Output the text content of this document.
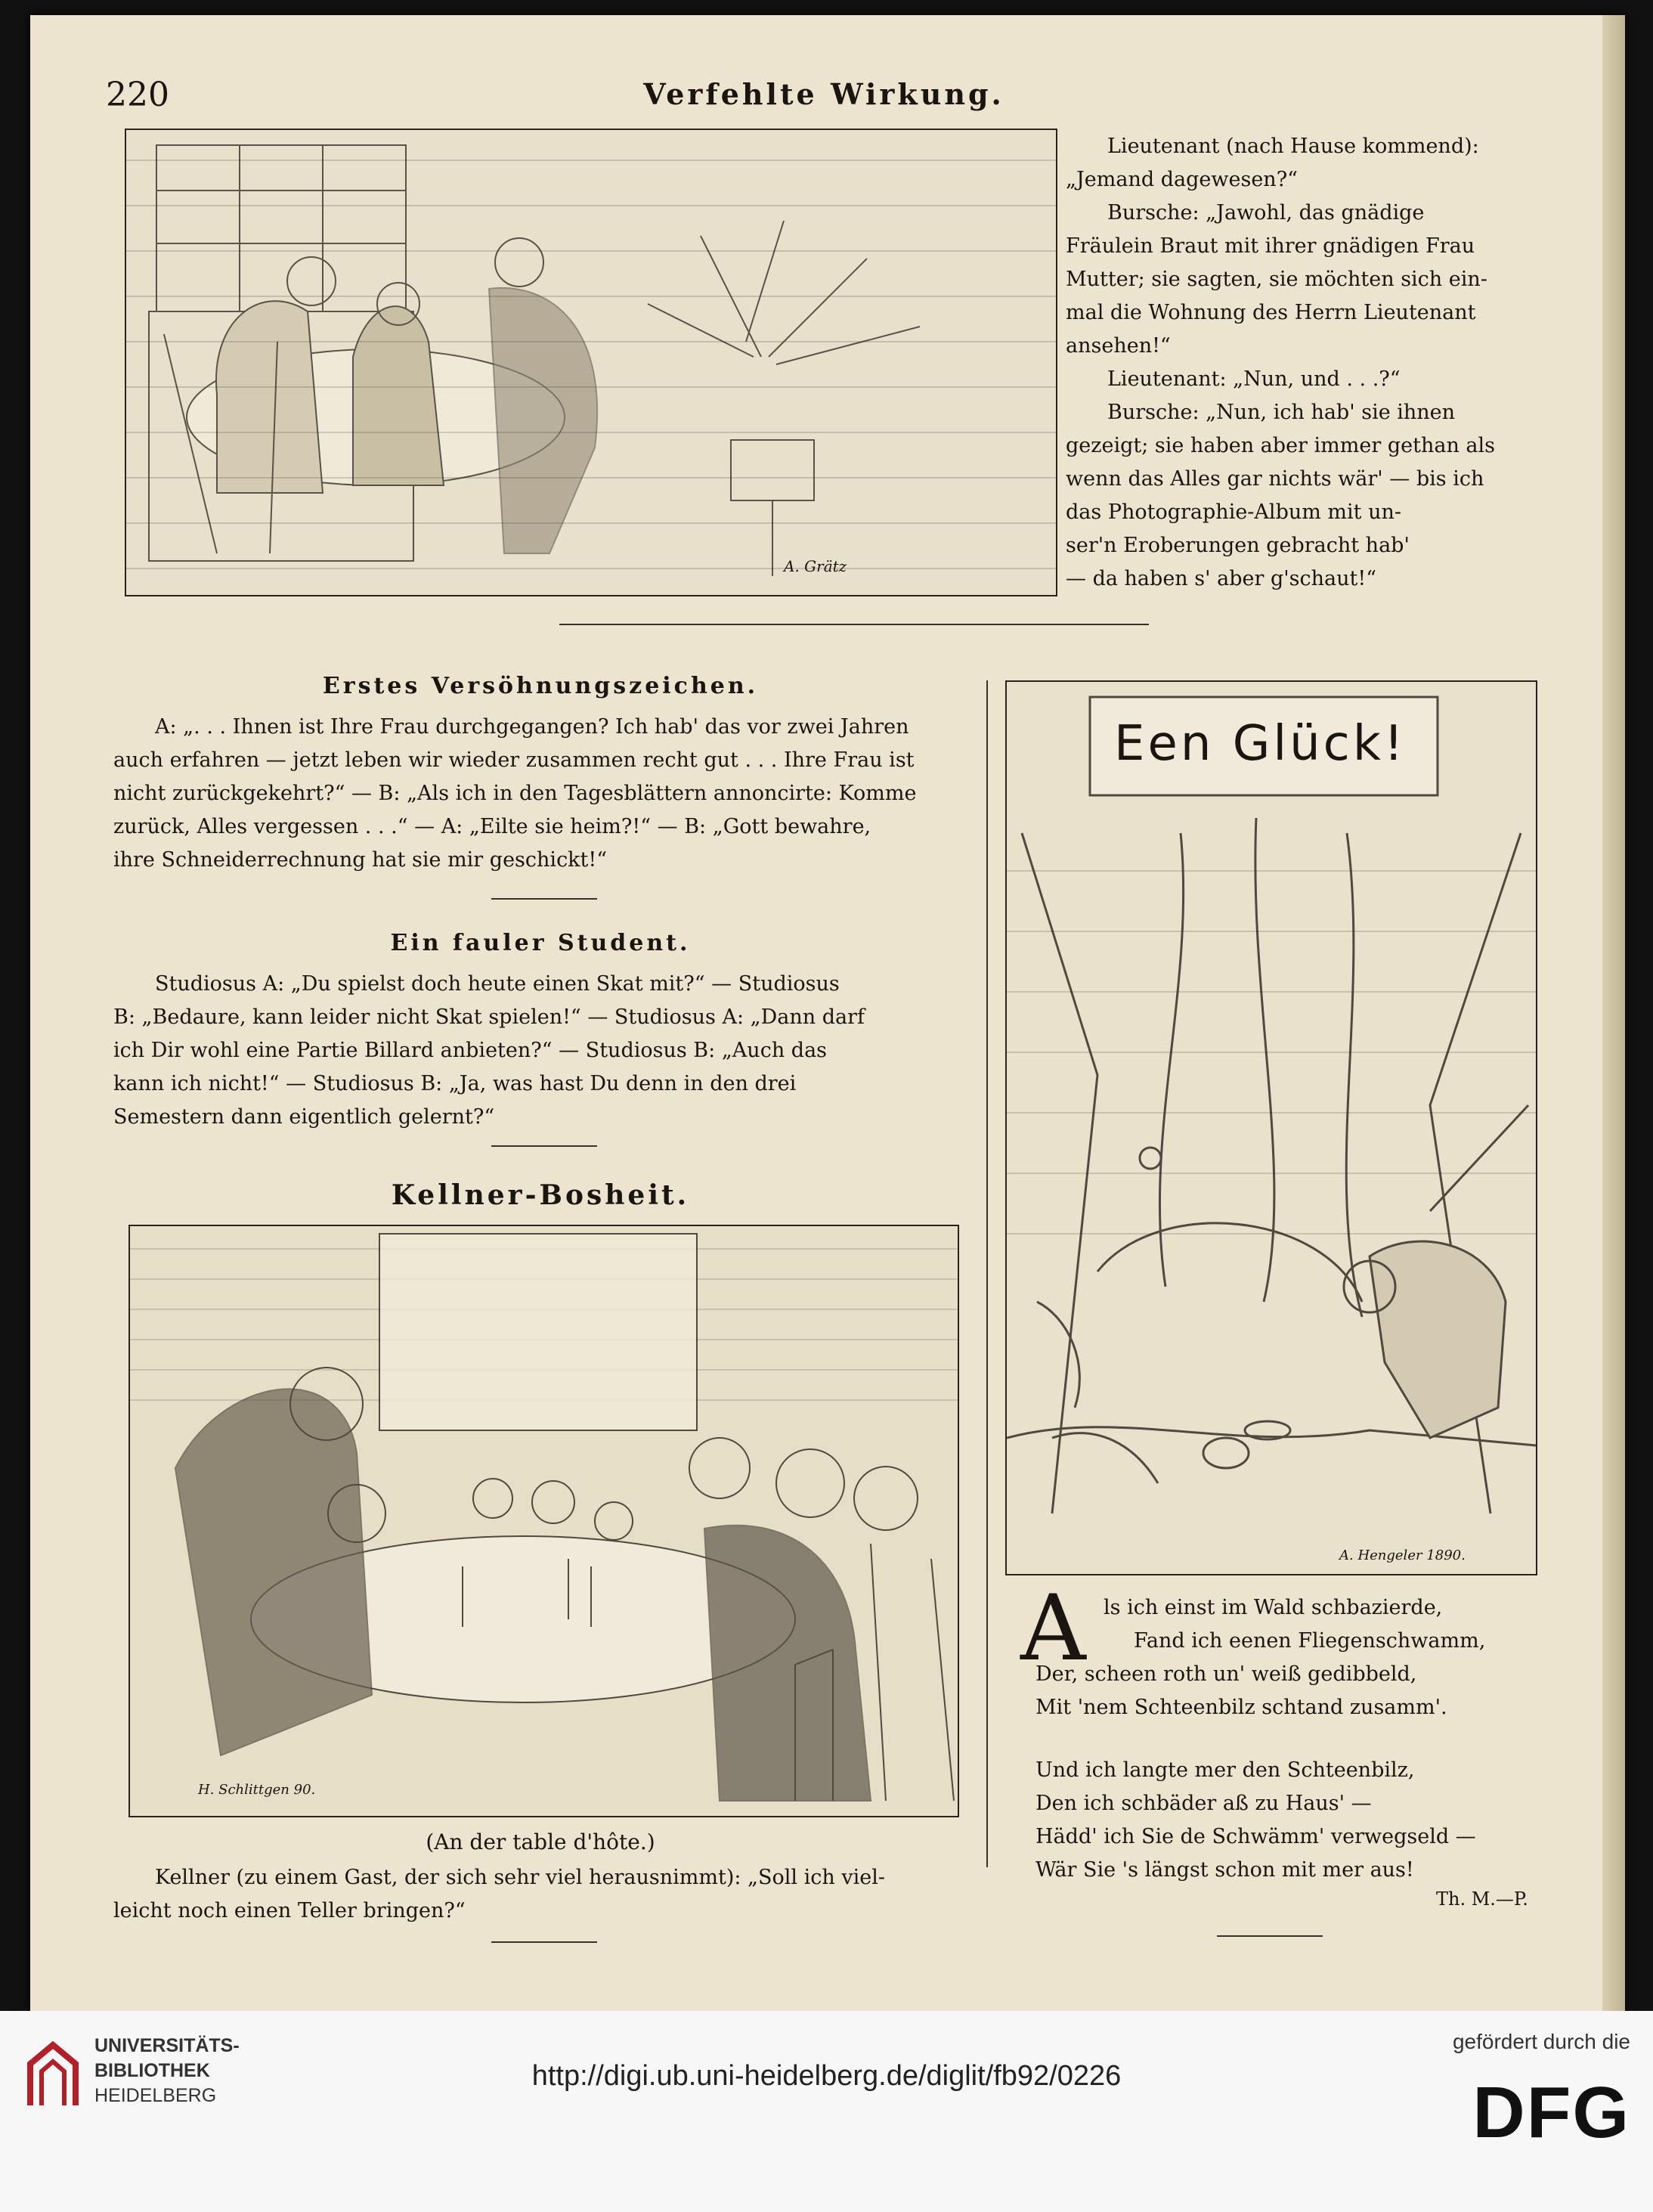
220	Verfehlte Wirkung.
A. Grätz
Lieutenant (nach Hause kommend):
„Jemand dagewesen?“
Bursche: „Jawohl, das gnädige
Fräulein Braut mit ihrer gnädigen Frau
Mutter; sie sagten, sie möchten sich ein-
mal die Wohnung des Herrn Lieutenant
ansehen!“
Lieutenant: „Nun, und . . .?“
Bursche: „Nun, ich hab' sie ihnen
gezeigt; sie haben aber immer gethan als
wenn das Alles gar nichts wär' — bis ich
das Photographie-Album mit un-
ser'n Eroberungen gebracht hab'
— da haben s' aber g'schaut!“
Erstes Versöhnungszeichen.
A: „. . . Ihnen ist Ihre Frau durchgegangen? Ich hab' das vor zwei Jahren
auch erfahren — jetzt leben wir wieder zusammen recht gut . . . Ihre Frau ist
nicht zurückgekehrt?“ — B: „Als ich in den Tagesblättern annoncirte: Komme
zurück, Alles vergessen . . .“ — A: „Eilte sie heim?!“ — B: „Gott bewahre,
ihre Schneiderrechnung hat sie mir geschickt!“
Ein fauler Student.
Studiosus A: „Du spielst doch heute einen Skat mit?“ — Studiosus
B: „Bedaure, kann leider nicht Skat spielen!“ — Studiosus A: „Dann darf
ich Dir wohl eine Partie Billard anbieten?“ — Studiosus B: „Auch das
kann ich nicht!“ — Studiosus B: „Ja, was hast Du denn in den drei
Semestern dann eigentlich gelernt?“
Kellner-Bosheit.
H. Schlittgen 90.
(An der table d'hôte.)
Kellner (zu einem Gast, der sich sehr viel herausnimmt): „Soll ich viel-
leicht noch einen Teller bringen?“
Een Glück!
A. Hengeler 1890.
A ls ich einst im Wald schbazierde,
Fand ich eenen Fliegenschwamm,
Der, scheen roth un' weiß gedibbeld,
Mit 'nem Schteenbilz schtand zusamm'.
Und ich langte mer den Schteenbilz,
Den ich schbäder aß zu Haus' —
Hädd' ich Sie de Schwämm' verwegseld —
Wär Sie 's längst schon mit mer aus!
Th. M.—P.
UNIVERSITÄTS-
BIBLIOTHEK
HEIDELBERG
http://digi.ub.uni-heidelberg.de/diglit/fb92/0226
gefördert durch die
DFG
